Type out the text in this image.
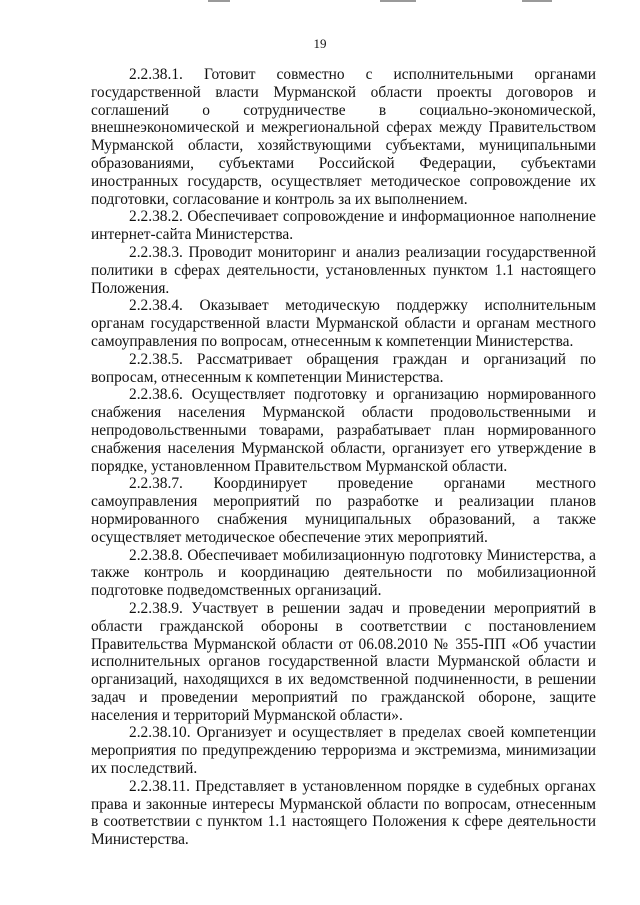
19

2.2.38.1. Готовит совместно с исполнительными органами государственной власти Мурманской области проекты договоров и соглашений о сотрудничестве в социально-экономической, внешнеэкономической и межрегиональной сферах между Правительством Мурманской области, хозяйствующими субъектами, муниципальными образованиями, субъектами Российской Федерации, субъектами иностранных государств, осуществляет методическое сопровождение их подготовки, согласование и контроль за их выполнением.

2.2.38.2. Обеспечивает сопровождение и информационное наполнение интернет-сайта Министерства.

2.2.38.3. Проводит мониторинг и анализ реализации государственной политики в сферах деятельности, установленных пунктом 1.1 настоящего Положения.

2.2.38.4. Оказывает методическую поддержку исполнительным органам государственной власти Мурманской области и органам местного самоуправления по вопросам, отнесенным к компетенции Министерства.

2.2.38.5. Рассматривает обращения граждан и организаций по вопросам, отнесенным к компетенции Министерства.

2.2.38.6. Осуществляет подготовку и организацию нормированного снабжения населения Мурманской области продовольственными и непродовольственными товарами, разрабатывает план нормированного снабжения населения Мурманской области, организует его утверждение в порядке, установленном Правительством Мурманской области.

2.2.38.7. Координирует проведение органами местного самоуправления мероприятий по разработке и реализации планов нормированного снабжения муниципальных образований, а также осуществляет методическое обеспечение этих мероприятий.

2.2.38.8. Обеспечивает мобилизационную подготовку Министерства, а также контроль и координацию деятельности по мобилизационной подготовке подведомственных организаций.

2.2.38.9. Участвует в решении задач и проведении мероприятий в области гражданской обороны в соответствии с постановлением Правительства Мурманской области от 06.08.2010 № 355-ПП «Об участии исполнительных органов государственной власти Мурманской области и организаций, находящихся в их ведомственной подчиненности, в решении задач и проведении мероприятий по гражданской обороне, защите населения и территорий Мурманской области».

2.2.38.10. Организует и осуществляет в пределах своей компетенции мероприятия по предупреждению терроризма и экстремизма, минимизации их последствий.

2.2.38.11. Представляет в установленном порядке в судебных органах права и законные интересы Мурманской области по вопросам, отнесенным в соответствии с пунктом 1.1 настоящего Положения к сфере деятельности Министерства.
